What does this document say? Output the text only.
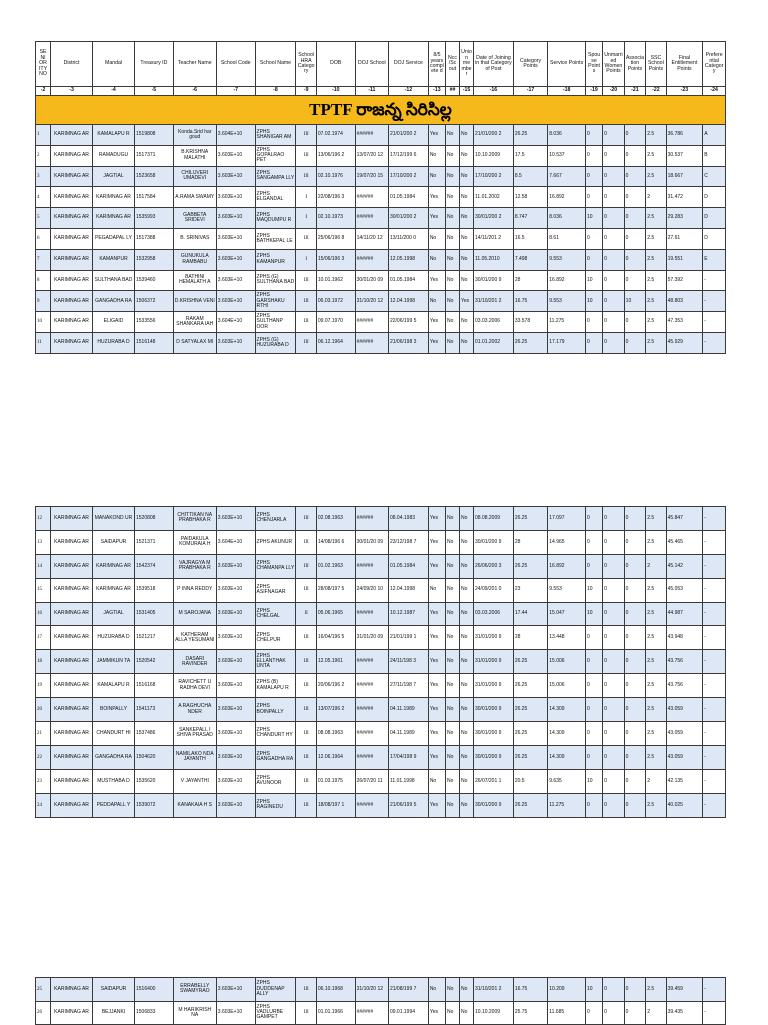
SE NI OR ITY NO	District	Mandal	Treasury ID	Teacher Name	School Code	School Name	School HRA Category	DOB	DOJ School	DOJ Service	8/5 years complete d	Ncc /Sc out	Union me mber	Date of Joining in that Category of Post	Category Points	Service Points	Spouse Points	Unmarried Women Points	Association Points	SSC School Points	Final Entitlement Points	Preferential Category
-2	-3	-4	-5	-6	-7	-8	-9	-10	-11	-12	-13	##	-15	-16	-17	-18	-19	-20	-21	-22	-23	-24
TPTF రాజన్న సిరిసిల్ల																						
1	KARIMNAG AR	KAMALAPU R	1519808	Konda.Srid har goud	3.604E+10	ZPHS SHANIGAR AM	III	07.02.1974	######	21/01/200 2	Yes	No	No	21/01/200 2	26.25	8.036	0	0	0	2.5	36.786	A
2	KARIMNAG AR	RAMADUGU	1517371	B.KRISHNA MALATHI	3.603E+10	ZPHS GOPALRAO PET	III	13/06/196 2	13/07/20 12	17/12/199 6	No	No	No	10.10.2009	17.5	10.537	0	0	0	2.5	30.537	B
3	KARIMNAG AR	JAGTIAL	1523658	CHILUVERI UMADEVI	3.603E+10	ZPHS SANGAMPA LLY	III	02.10.1976	19/07/20 15	17/10/200 2	No	No	No	17/10/200 2	8.5	7.667	0	0	0	2.5	18.667	C
4	KARIMNAG AR	KARIMNAG AR	1517584	A.RAMA SWAMY	3.603E+10	ZPHS ELGANDAL	I	22/08/196 3	######	01.05.1984	Yes	No	No	11.01.2002	12.58	16.892	0	0	0	2	31.472	D
5	KARIMNAG AR	KARIMNAG AR	1535993	GABBETA SRIDEVI	3.603E+10	ZPHS MAQDUMPU R	I	02.10.1973	######	30/01/200 2	Yes	No	No	30/01/200 2	8.747	8.036	10	0	0	2.5	29.283	D
6	KARIMNAG AR	PEGADAPAL LY	1517388	B. SRINIVAS	3.603E+10	ZPHS BATHKEPAL LE	III	25/06/196 8	14/11/20 12	13/11/200 0	No	No	No	14/11/201 2	16.5	8.61	0	0	0	2.5	27.61	D
7	KARIMNAG AR	KAMANPUR	1532958	GUNUKULA RAMBABU	3.603E+10	ZPHS KAMANPUR	I	15/06/196 3	######	12.05.1998	No	No	No	11.05.2010	7.498	9.553	0	0	0	2.5	19.551	E
8	KARIMNAG AR	SULTHANA BAD	1539460	BATHINI HEMALATH A	3.603E+10	ZPHS (G) SULTHANA BAD	III	10.01.1962	30/01/20 09	01.05.1984	Yes	No	No	30/01/200 9	28	16.892	10	0	0	2.5	57.392	-
9	KARIMNAG AR	GANGADHA RA	1506372	D.KRISHNA VENI	3.603E+10	ZPHS GARSHAKU RTHI	III	06.03.1972	31/10/20 12	12.04.1998	No	No	Yes	31/10/201 2	16.75	9.553	10	0	10	2.5	48.803	-
10	KARIMNAG AR	ELIGAID	1533556	RAKAM SHANKARA IAH	3.604E+10	ZPHS SULTHANP OOR	III	09.07.1970	######	22/06/199 5	Yes	No	No	03.03.2006	33.578	11.275	0	0	0	2.5	47.353	-
11	KARIMNAG AR	HUZURABA D	1516148	D SATYALAX MI	3.603E+10	ZPHS (G) HUZURABA D	III	06.12.1964	######	21/06/198 3	Yes	No	No	01.01.2002	26.25	17.179	0	0	0	2.5	45.929	-
12	KARIMNAG AR	MANAKOND UR	1520808	CHITTIKAN NA PRABHAKA R	3.603E+10	ZPHS CHENJARLA	III	02.08.1963	######	08.04.1983	Yes	No	No	08.08.2009	26.25	17.097	0	0	0	2.5	45.847	-
13	KARIMNAG AR	SAIDAPUR	1521371	PAIDAKULA KOMURAIA H	3.604E+10	ZPHS AKUNUR	III	14/08/196 6	30/01/20 09	23/12/198 7	Yes	No	No	30/01/200 9	28	14.965	0	0	0	2.5	45.465	-
14	KARIMNAG AR	KARIMNAG AR	1542374	VAJRAGYA M PRABHAKA R	3.603E+10	ZPHS CHAMANPA LLY	III	01.02.1963	######	01.05.1984	Yes	No	No	26/06/200 3	26.25	16.892	0	0	0	2	45.142	-
15	KARIMNAG AR	KARIMNAG AR	1539518	P INNA REDDY	3.603E+10	ZPHS ASIFNAGAR	III	28/08/197 5	24/09/20 10	12.04.1998	No	No	No	24/09/201 0	23	9.553	10	0	0	2.5	45.053	-
16	KARIMNAG AR	JAGTIAL	1531405	M SAROJANA	3.603E+10	ZPHS CHELGAL	II	05.06.1965	######	10.12.1987	Yes	No	No	03.03.2006	17.44	15.047	10	0	0	2.5	44.987	-
17	KARIMNAG AR	HUZURABA D	1521217	KATHERAM ALLA YESUMANI	3.603E+10	ZPHS CHELPUR	III	16/04/196 5	31/01/20 09	21/01/199 1	Yes	No	No	31/01/200 9	28	13.448	0	0	0	2.5	43.948	-
18	KARIMNAG AR	JAMMIKUN TA	1520542	DASARI RAVINDER	3.603E+10	ZPHS ELLANTHAK UNTA	III	12.05.1961	######	24/11/198 3	Yes	No	No	31/01/200 9	26.25	15.006	0	0	0	2.5	43.756	-
19	KARIMNAG AR	KAMALAPU R	1516168	RAVICHETT U RADHA DEVI	3.603E+10	ZPHS (B) KAMALAPU R	III	20/06/196 2	######	27/11/198 7	Yes	No	No	31/01/200 9	26.25	15.006	0	0	0	2.5	43.756	-
20	KARIMNAG AR	BOINPALLY	1541173	A RAGHUCHA NDER	3.603E+10	ZPHS BOINPALLY	III	13/07/196 2	######	04.11.1989	Yes	No	No	30/01/200 9	26.25	14.309	0	0	0	2.5	43.059	-
21	KARIMNAG AR	CHANDURT HI	1537486	SANKEPALL I SHIVA PRASAD	3.603E+10	ZPHS CHANDURT HY	III	08.08.1963	######	04.11.1989	Yes	No	No	30/01/200 9	26.25	14.309	0	0	0	2.5	43.059	-
22	KARIMNAG AR	GANGADHA RA	1504620	NAMILAKO NDA JAYANTH	3.603E+10	ZPHS GANGADHA RA	III	12.06.1964	######	17/04/198 9	Yes	No	No	30/01/200 9	26.25	14.309	0	0	0	2.5	43.059	-
23	KARIMNAG AR	MUSTHABA D	1535620	V JAYANTHI	3.603E+10	ZPHS AVUNOOR	III	01.03.1975	26/07/20 11	11.01.1998	No	No	No	26/07/201 1	20.5	9.635	10	0	0	2	42.135	-
24	KARIMNAG AR	PEDDAPALL Y	1539072	KANAKAIA H S	3.603E+10	ZPHS RAGINEDU	III	18/08/197 1	######	21/06/199 5	Yes	No	No	30/01/200 9	26.25	11.275	0	0	0	2.5	40.025	-
25	KARIMNAG AR	SAIDAPUR	1516400	ERRABELLY SWAMYRAO	3.603E+10	ZPHS DUDDENAP ALLY	III	06.10.1968	31/10/20 12	21/08/199 7	No	No	No	31/10/201 2	16.75	10.209	10	0	0	2.5	39.459	-
26	KARIMNAG AR	BEJJANKI	1506833	M HARIKRISH NA	3.603E+10	ZPHS VADLURBE GAMPET	III	01.01.1966	######	09.01.1994	Yes	No	No	10.10.2009	25.75	11.685	0	0	0	2	39.435	-
